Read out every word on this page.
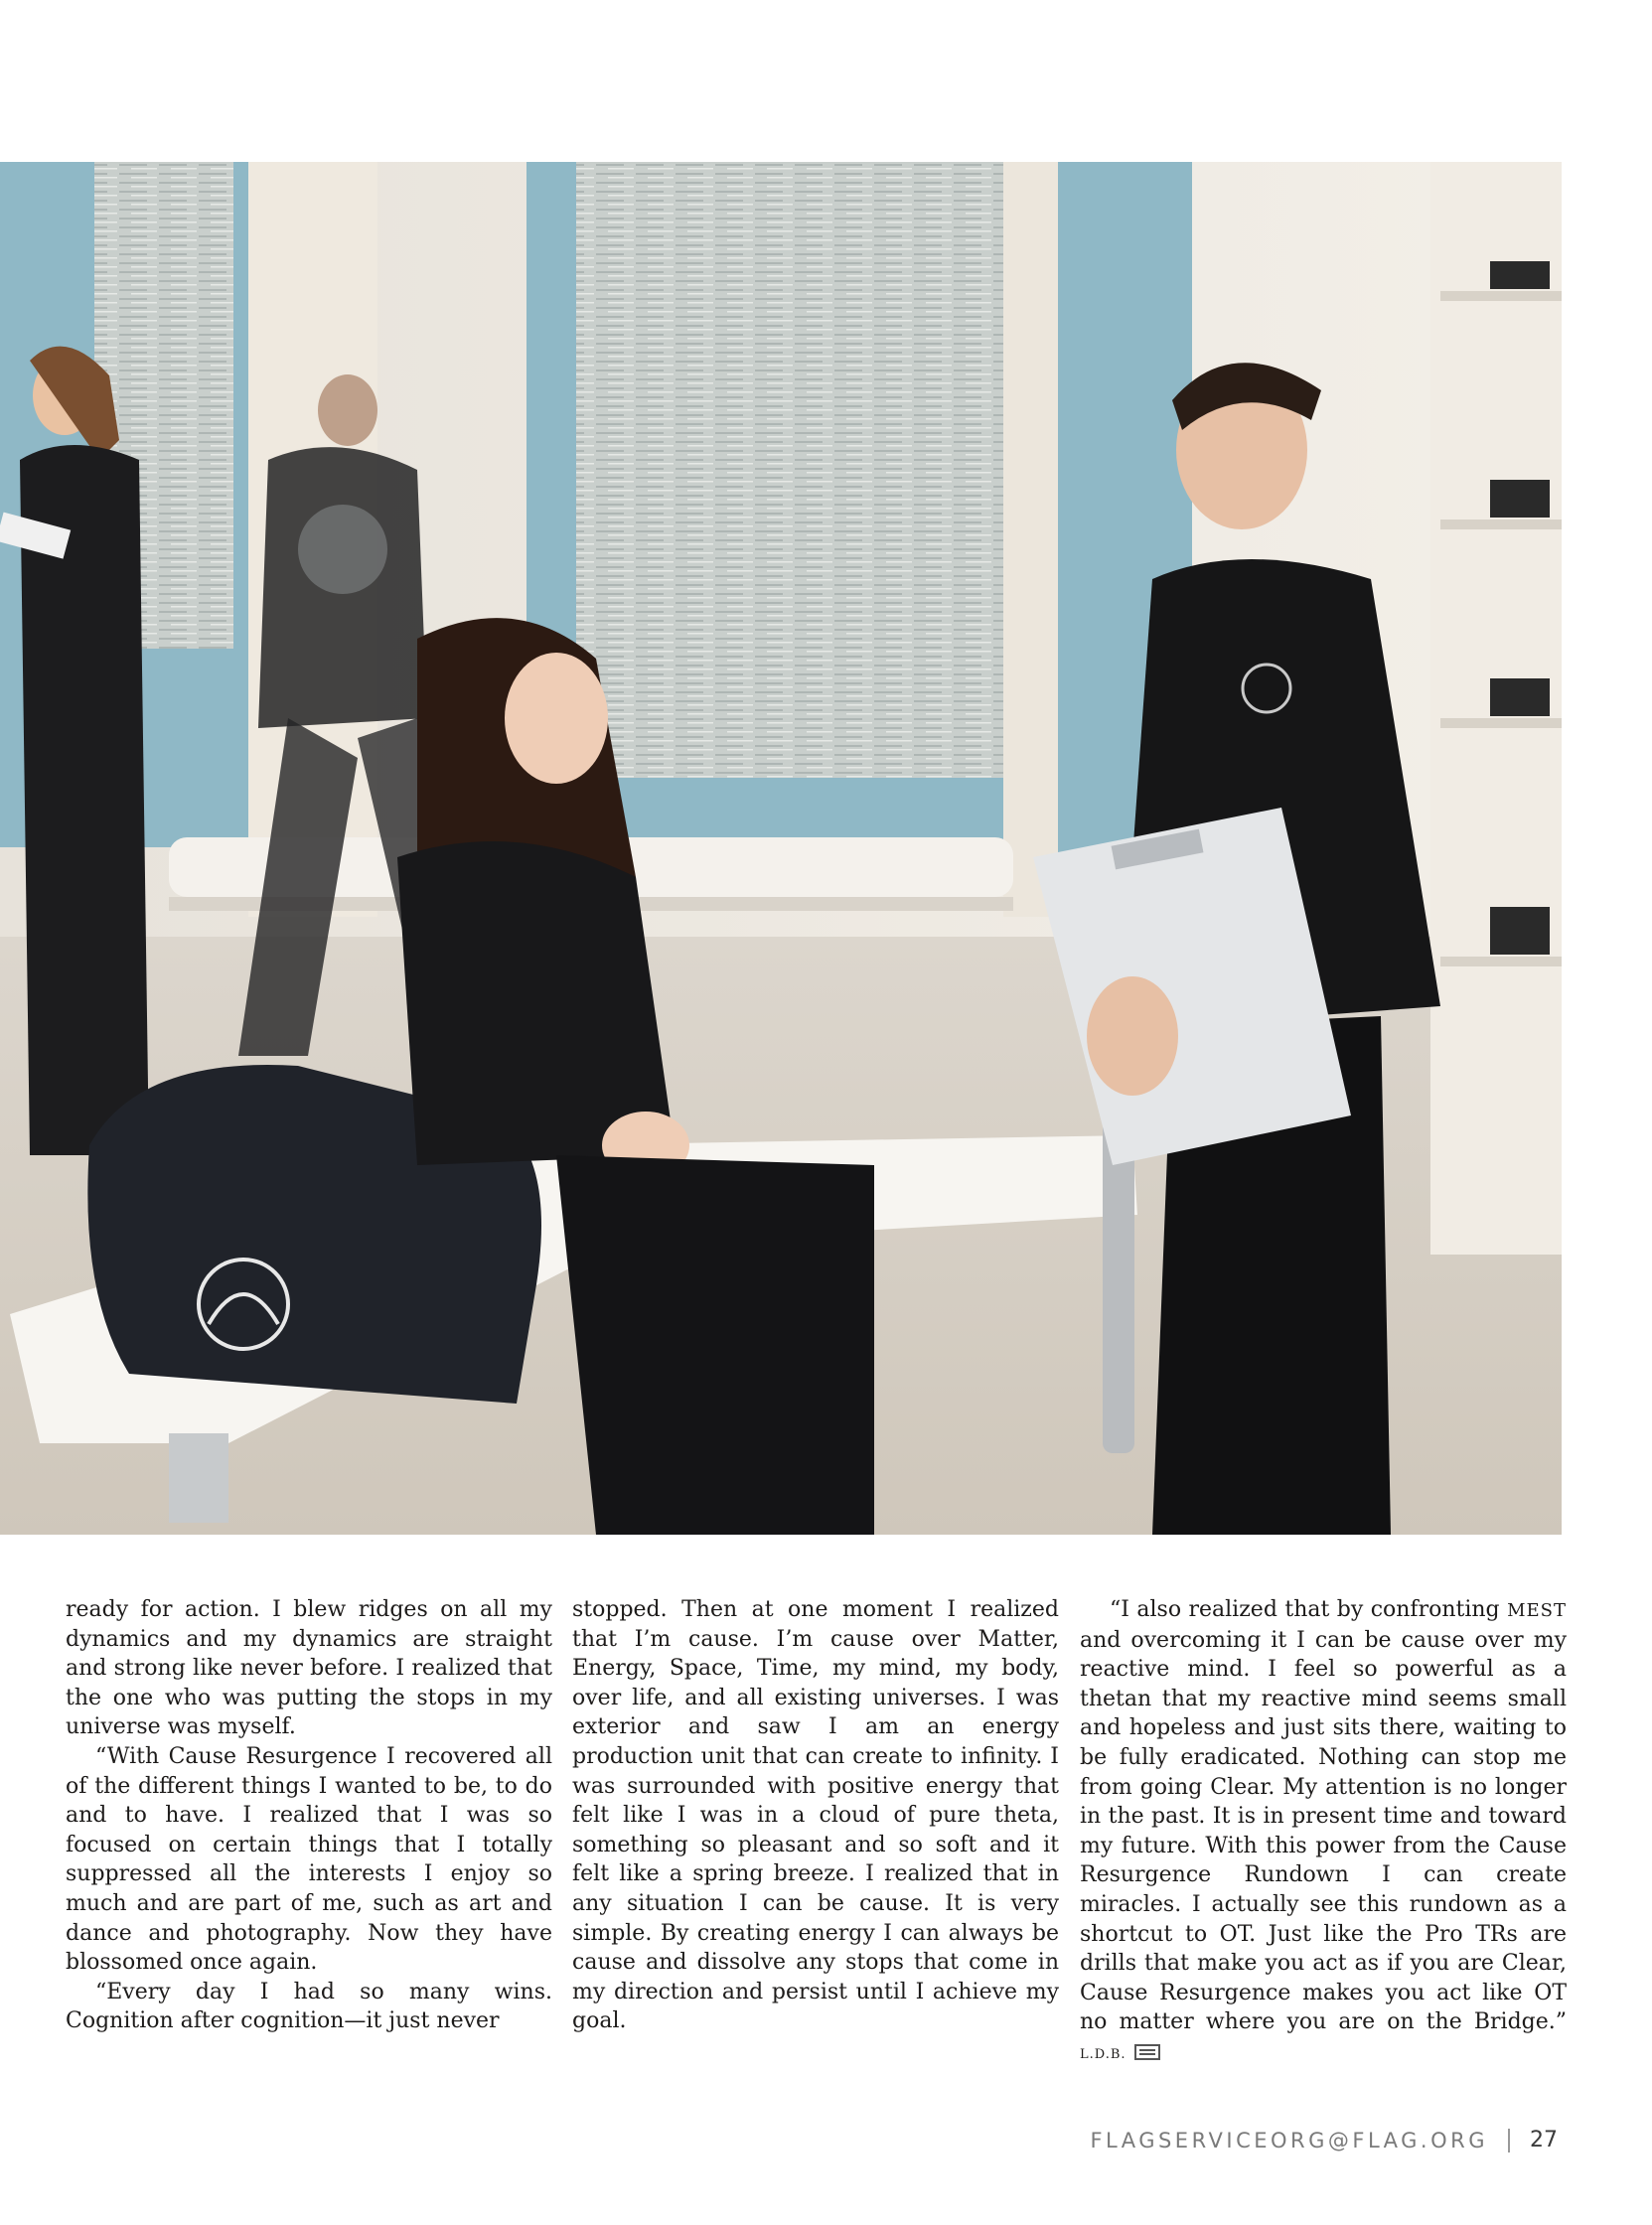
ready for action. I blew ridges on all my dynamics and my dynamics are straight and strong like never before. I realized that the one who was putting the stops in my universe was myself.

“With Cause Resurgence I recovered all of the different things I wanted to be, to do and to have. I realized that I was so focused on certain things that I totally suppressed all the interests I enjoy so much and are part of me, such as art and dance and photography. Now they have blossomed once again.

“Every day I had so many wins. Cognition after cognition—it just never

stopped. Then at one moment I realized that I’m cause. I’m cause over Matter, Energy, Space, Time, my mind, my body, over life, and all existing universes. I was exterior and saw I am an energy production unit that can create to infinity. I was surrounded with positive energy that felt like I was in a cloud of pure theta, something so pleasant and so soft and it felt like a spring breeze. I realized that in any situation I can be cause. It is very simple. By creating energy I can always be cause and dissolve any stops that come in my direction and persist until I achieve my goal.

“I also realized that by confronting MEST and overcoming it I can be cause over my reactive mind. I feel so powerful as a thetan that my reactive mind seems small and hopeless and just sits there, waiting to be fully eradicated. Nothing can stop me from going Clear. My attention is no longer in the past. It is in present time and toward my future. With this power from the Cause Resurgence Rundown I can create miracles. I actually see this rundown as a shortcut to OT. Just like the Pro TRs are drills that make you act as if you are Clear, Cause Resurgence makes you act like OT no matter where you are on the Bridge.” L.D.B.

FLAGSERVICEORG@FLAG.ORG 27
